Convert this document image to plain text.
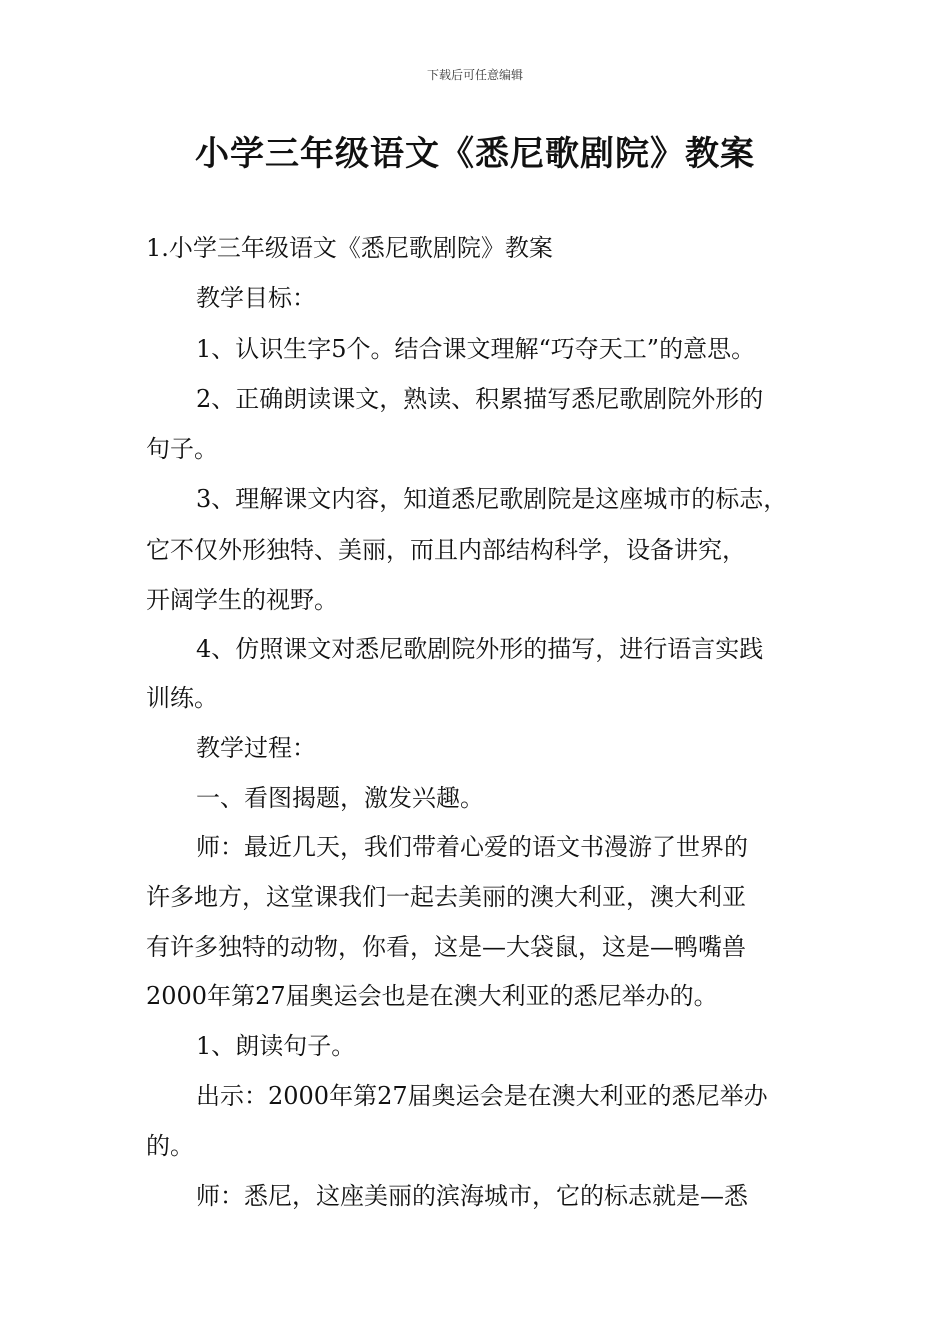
下载后可任意编辑
小学三年级语文《悉尼歌剧院》教案
1.小学三年级语文《悉尼歌剧院》教案
教学目标：
1、认识生字5个。结合课文理解“巧夺天工”的意思。
2、正确朗读课文，熟读、积累描写悉尼歌剧院外形的
句子。
3、理解课文内容，知道悉尼歌剧院是这座城市的标志，
它不仅外形独特、美丽，而且内部结构科学，设备讲究，
开阔学生的视野。
4、仿照课文对悉尼歌剧院外形的描写，进行语言实践
训练。
教学过程：
一、看图揭题，激发兴趣。
师：最近几天，我们带着心爱的语文书漫游了世界的
许多地方，这堂课我们一起去美丽的澳大利亚，澳大利亚
有许多独特的动物，你看，这是—大袋鼠，这是—鸭嘴兽
2000年第27届奥运会也是在澳大利亚的悉尼举办的。
1、朗读句子。
出示：2000年第27届奥运会是在澳大利亚的悉尼举办
的。
师：悉尼，这座美丽的滨海城市，它的标志就是—悉
